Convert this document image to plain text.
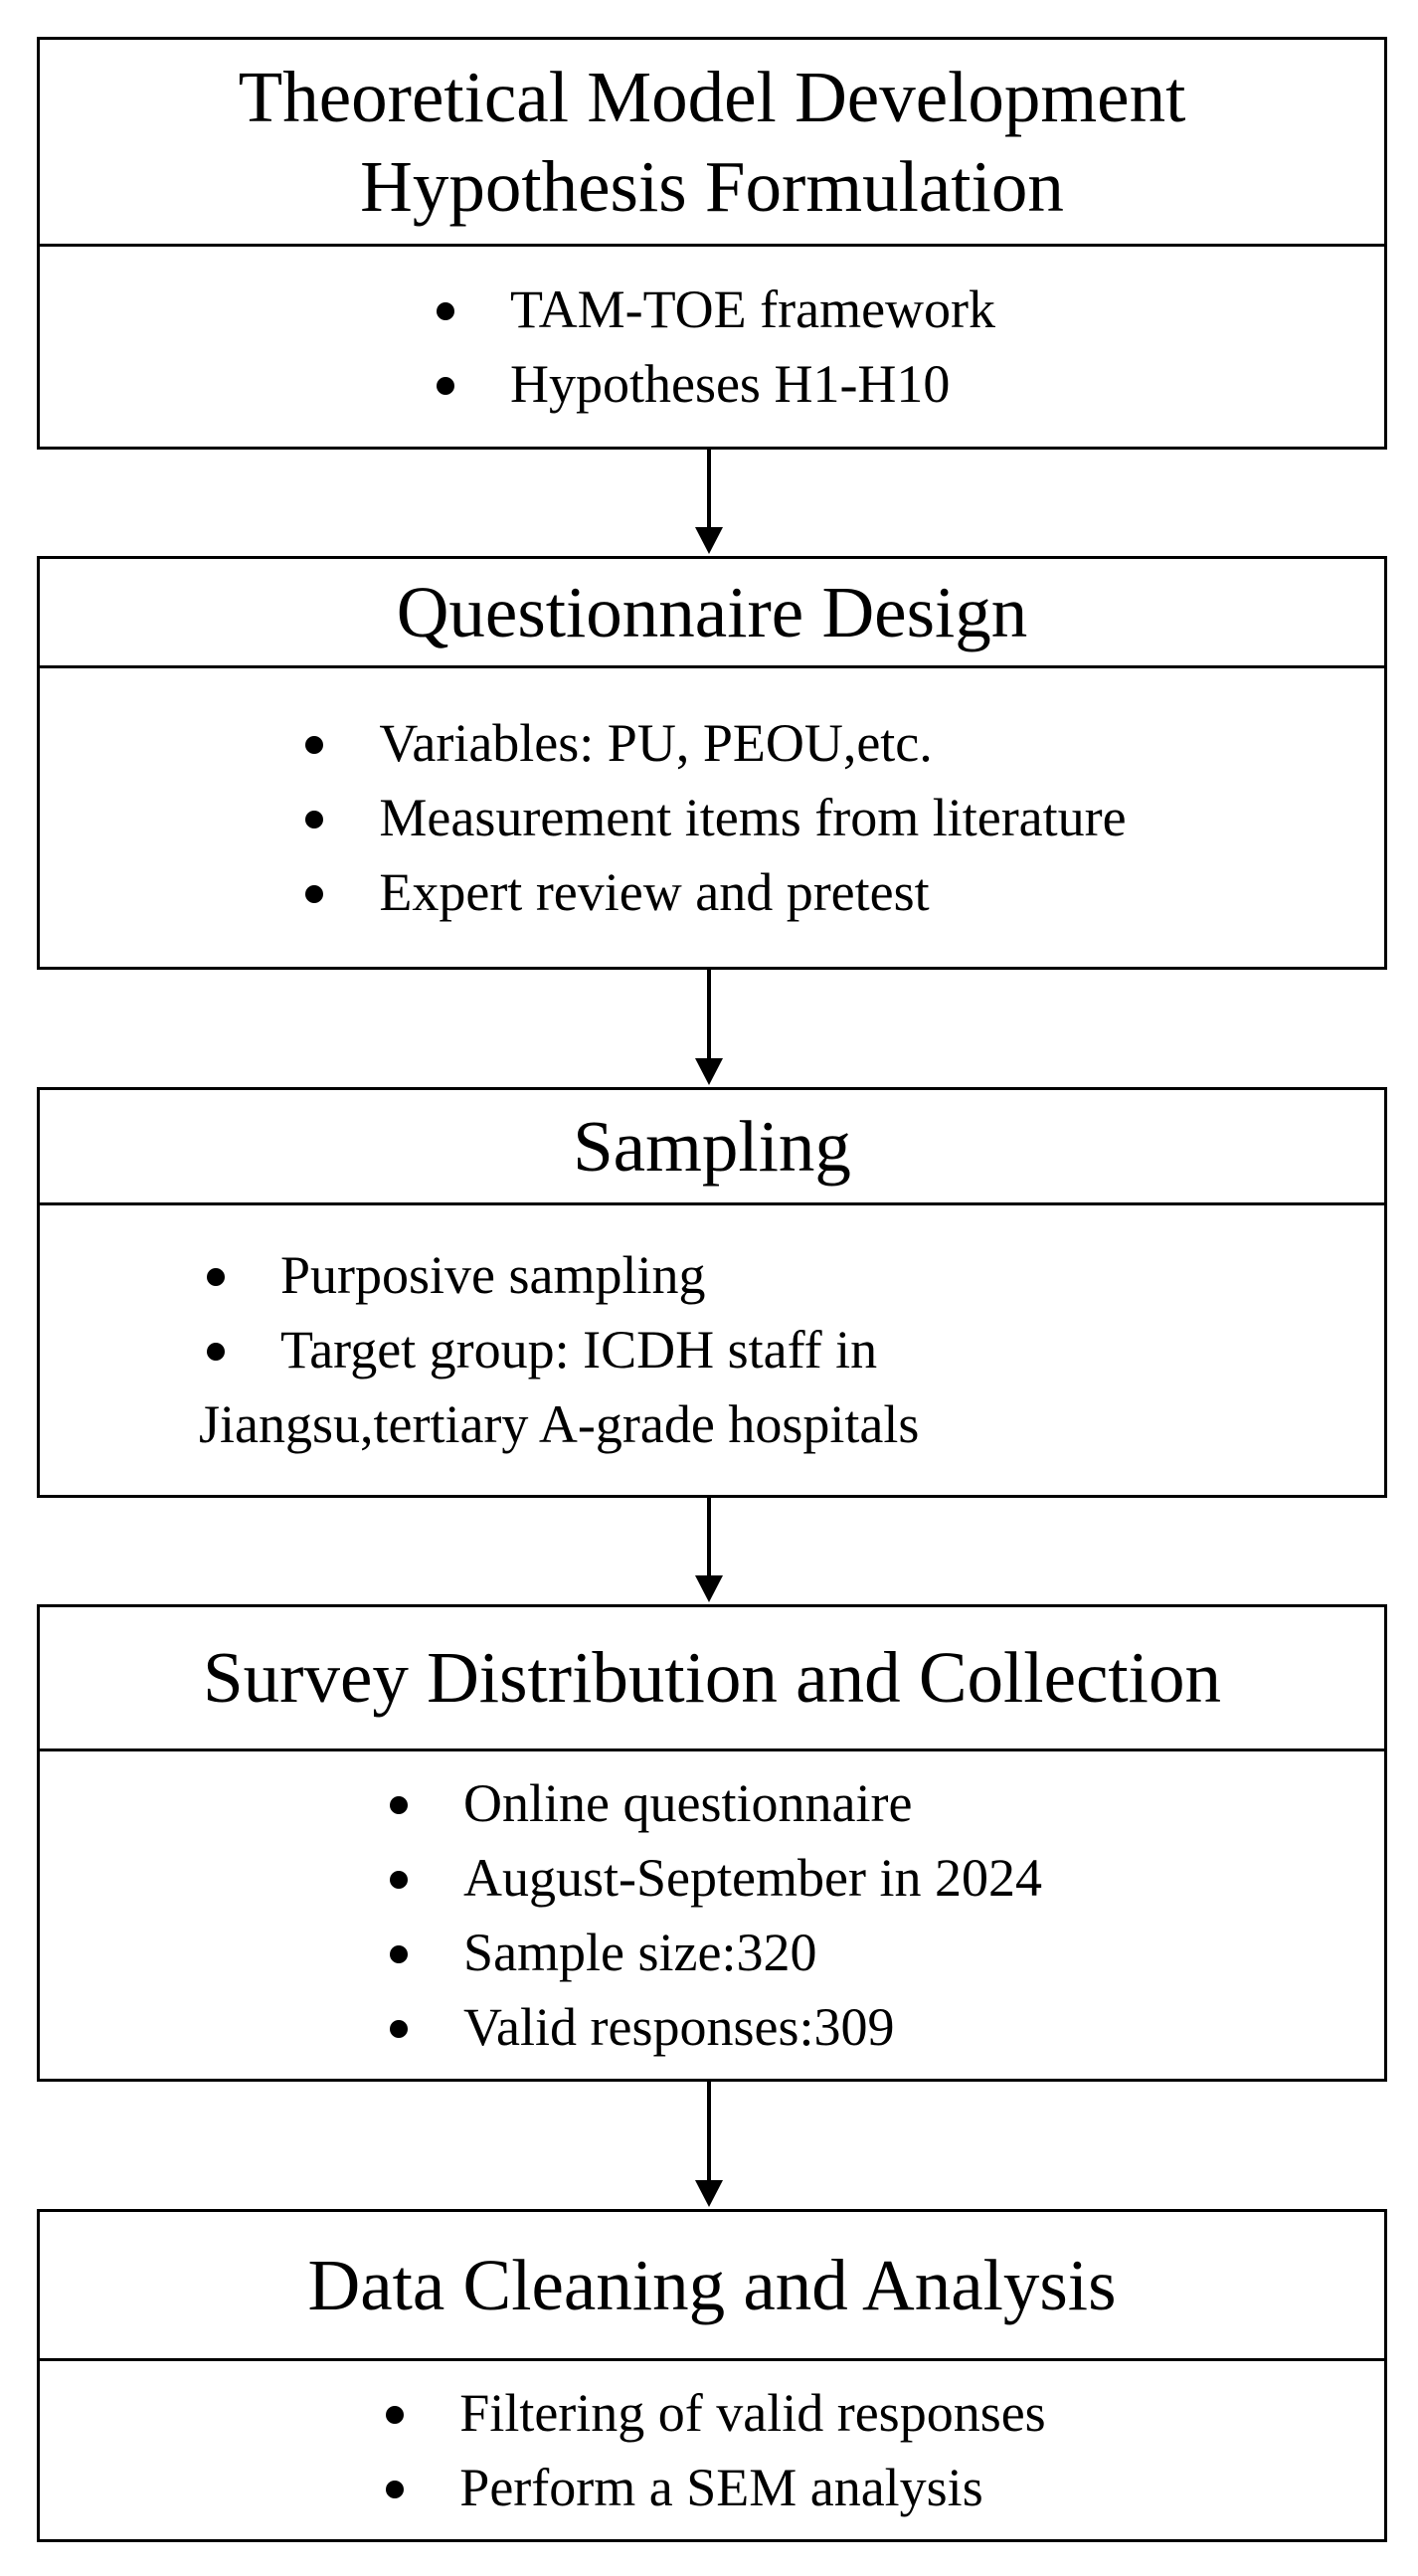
Theoretical Model Development
Hypothesis Formulation
TAM-TOE framework
Hypotheses H1-H10
Questionnaire Design
Variables: PU, PEOU,etc.
Measurement items from literature
Expert review and pretest
Sampling
Purposive sampling
Target group: ICDH staff in
Jiangsu,tertiary A-grade hospitals
Survey Distribution and Collection
Online questionnaire
August-September in 2024
Sample size:320
Valid responses:309
Data Cleaning and Analysis
Filtering of valid responses
Perform a SEM analysis
